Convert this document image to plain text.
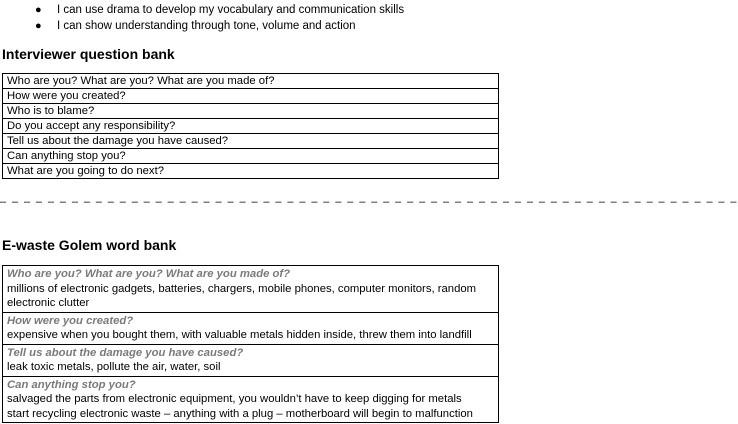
● I can use drama to develop my vocabulary and communication skills
● I can show understanding through tone, volume and action
Interviewer question bank
Who are you? What are you? What are you made of?
How were you created?
Who is to blame?
Do you accept any responsibility?
Tell us about the damage you have caused?
Can anything stop you?
What are you going to do next?
– – – – – – – – – – – – – – – – – – – – – – – – – – – – – – – – – – – – – – – – – – – – – – – – – – – – – – – – – – – – – –
E-waste Golem word bank
Who are you? What are you? What are you made of?
millions of electronic gadgets, batteries, chargers, mobile phones, computer monitors, random
electronic clutter

How were you created?
expensive when you bought them, with valuable metals hidden inside, threw them into landfill

Tell us about the damage you have caused?
leak toxic metals, pollute the air, water, soil

Can anything stop you?
salvaged the parts from electronic equipment, you wouldn’t have to keep digging for metals
start recycling electronic waste – anything with a plug – motherboard will begin to malfunction
